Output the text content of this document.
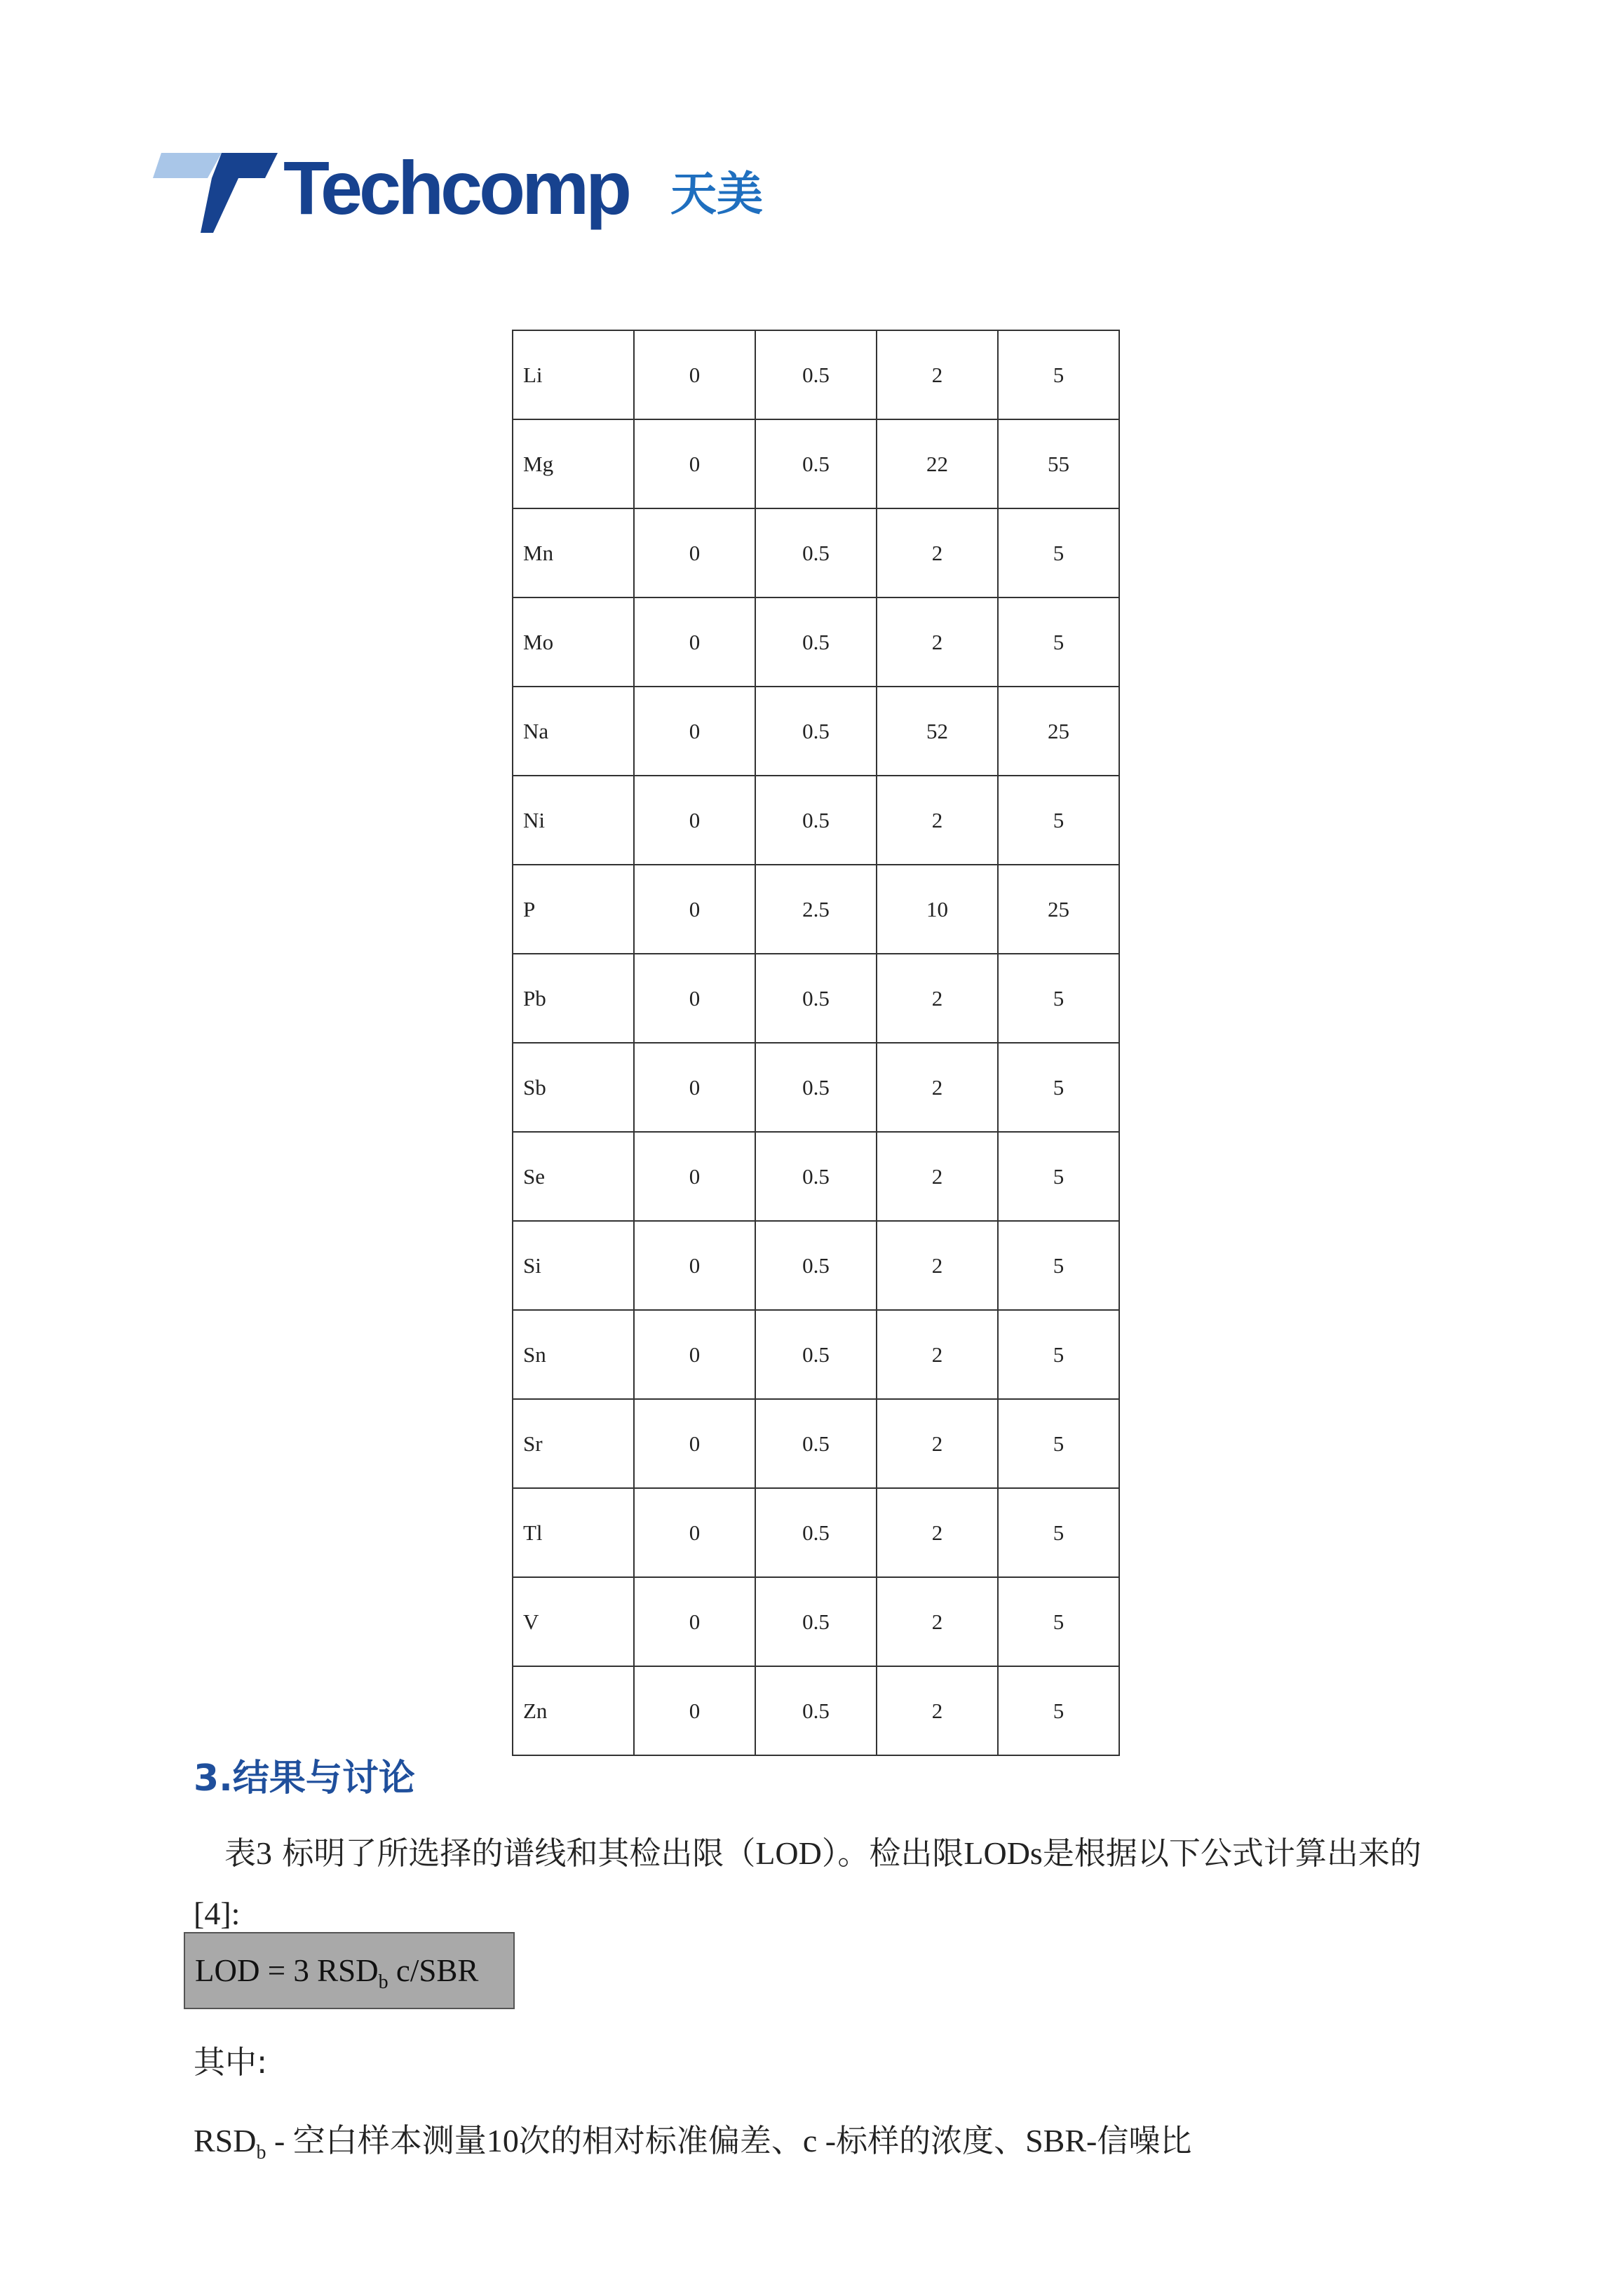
Techcomp 天美
Li	0	0.5	2	5
Mg	0	0.5	22	55
Mn	0	0.5	2	5
Mo	0	0.5	2	5
Na	0	0.5	52	25
Ni	0	0.5	2	5
P	0	2.5	10	25
Pb	0	0.5	2	5
Sb	0	0.5	2	5
Se	0	0.5	2	5
Si	0	0.5	2	5
Sn	0	0.5	2	5
Sr	0	0.5	2	5
Tl	0	0.5	2	5
V	0	0.5	2	5
Zn	0	0.5	2	5
3.结果与讨论
表3 标明了所选择的谱线和其检出限（LOD）。检出限LODs是根据以下公式计算出来的 [4]:
LOD = 3 $RSD_b$ c/SBR
其中:
$RSD_b$ - 空白样本测量10次的相对标准偏差、c -标样的浓度、SBR-信噪比
